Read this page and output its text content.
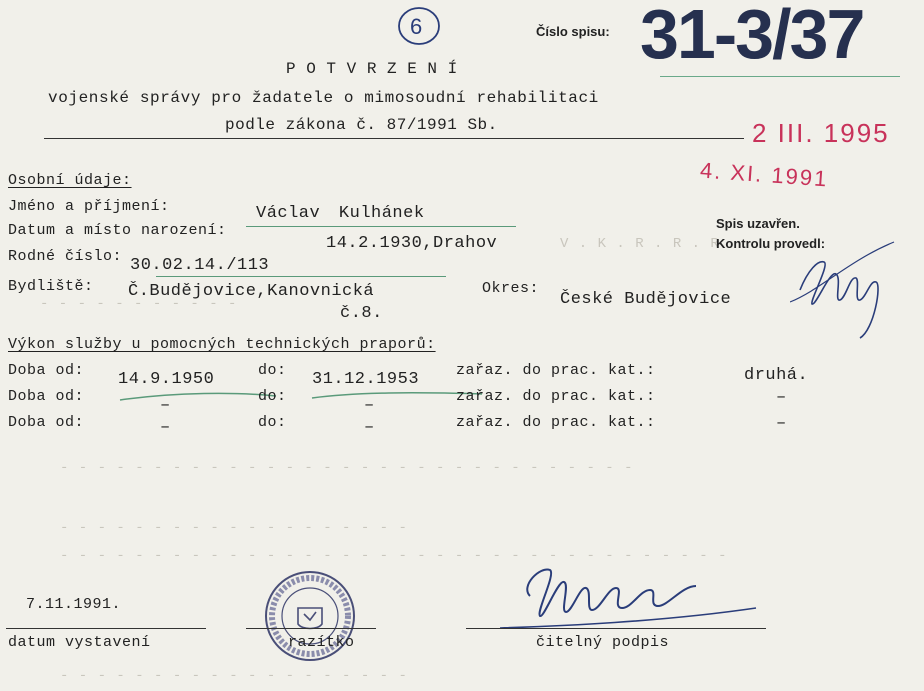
- - - - - - - - - - -
V . K . R . R . R
- - - - - - - - - - - - - - - - - - - - - - - - - - - - - - -
- - - - - - - - - - - - - - - - - - -
- - - - - - - - - - - - - - - - - - - - - - - - - - - - - - - - - - - -
- - - - - - - - - - - - - - - - - - -
6	Číslo spisu: 31-3/37
P O T V R Z E N Í
vojenské správy pro žadatele o mimosoudní rehabilitaci
podle zákona č. 87/1991 Sb.	2 III. 1995
4. XI. 1991
Spis uzavřen.
Kontrolu provedl:
Osobní údaje:
Jméno a příjmení:	Václav Kulhánek
Datum a místo narození:
14.2.1930,Drahov
Rodné číslo: 30.02.14./113
Bydliště: Č.Budějovice,Kanovnická
č.8.
Okres:
České Budějovice
Výkon služby u pomocných technických praporů:
Doba od: 14.9.1950	do: 31.12.1953 zařaz. do prac. kat.:	druhá.
Doba od:	–	do:	–	zařaz. do prac. kat.:	–
Doba od:	–	do:	–	zařaz. do prac. kat.:	–
7.11.1991.
datum vystavení	razítko	čitelný podpis
